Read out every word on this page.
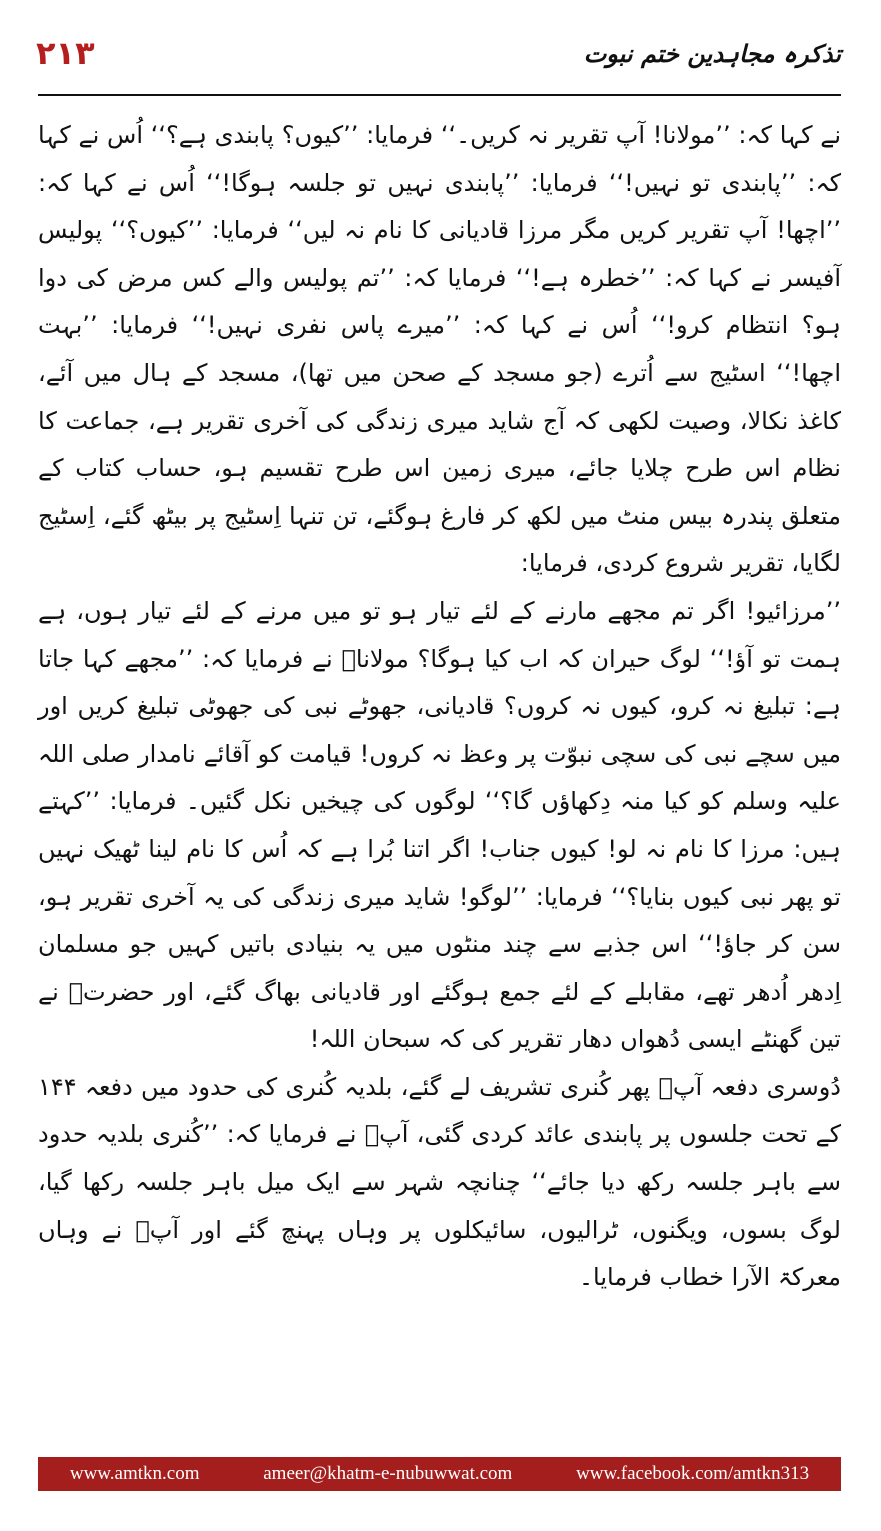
۲۱۳	تذکرہ مجاہدین ختم نبوت

نے کہا کہ: ’’مولانا! آپ تقریر نہ کریں۔‘‘ فرمایا: ’’کیوں؟ پابندی ہے؟‘‘ اُس نے کہا کہ: ’’پابندی تو نہیں!‘‘ فرمایا: ’’پابندی نہیں تو جلسہ ہوگا!‘‘ اُس نے کہا کہ: ’’اچھا! آپ تقریر کریں مگر مرزا قادیانی کا نام نہ لیں‘‘ فرمایا: ’’کیوں؟‘‘ پولیس آفیسر نے کہا کہ: ’’خطرہ ہے!‘‘ فرمایا کہ: ’’تم پولیس والے کس مرض کی دوا ہو؟ انتظام کرو!‘‘ اُس نے کہا کہ: ’’میرے پاس نفری نہیں!‘‘ فرمایا: ’’بہت اچھا!‘‘ اسٹیج سے اُترے (جو مسجد کے صحن میں تھا)، مسجد کے ہال میں آئے، کاغذ نکالا، وصیت لکھی کہ آج شاید میری زندگی کی آخری تقریر ہے، جماعت کا نظام اس طرح چلایا جائے، میری زمین اس طرح تقسیم ہو، حساب کتاب کے متعلق پندرہ بیس منٹ میں لکھ کر فارغ ہوگئے، تن تنہا اِسٹیج پر بیٹھ گئے، اِسٹیج لگایا، تقریر شروع کردی، فرمایا:

’’مرزائیو! اگر تم مجھے مارنے کے لئے تیار ہو تو میں مرنے کے لئے تیار ہوں، ہے ہمت تو آؤ!‘‘ لوگ حیران کہ اب کیا ہوگا؟ مولاناؒ نے فرمایا کہ: ’’مجھے کہا جاتا ہے: تبلیغ نہ کرو، کیوں نہ کروں؟ قادیانی، جھوٹے نبی کی جھوٹی تبلیغ کریں اور میں سچے نبی کی سچی نبوّت پر وعظ نہ کروں! قیامت کو آقائے نامدار صلی اللہ علیہ وسلم کو کیا منہ دِکھاؤں گا؟‘‘ لوگوں کی چیخیں نکل گئیں۔ فرمایا: ’’کہتے ہیں: مرزا کا نام نہ لو! کیوں جناب! اگر اتنا بُرا ہے کہ اُس کا نام لینا ٹھیک نہیں تو پھر نبی کیوں بنایا؟‘‘ فرمایا: ’’لوگو! شاید میری زندگی کی یہ آخری تقریر ہو، سن کر جاؤ!‘‘ اس جذبے سے چند منٹوں میں یہ بنیادی باتیں کہیں جو مسلمان اِدھر اُدھر تھے، مقابلے کے لئے جمع ہوگئے اور قادیانی بھاگ گئے، اور حضرتؒ نے تین گھنٹے ایسی دُھواں دھار تقریر کی کہ سبحان اللہ!

دُوسری دفعہ آپؒ پھر کُنری تشریف لے گئے، بلدیہ کُنری کی حدود میں دفعہ ۱۴۴ کے تحت جلسوں پر پابندی عائد کردی گئی، آپؒ نے فرمایا کہ: ’’کُنری بلدیہ حدود سے باہر جلسہ رکھ دیا جائے‘‘ چنانچہ شہر سے ایک میل باہر جلسہ رکھا گیا، لوگ بسوں، ویگنوں، ٹرالیوں، سائیکلوں پر وہاں پہنچ گئے اور آپؒ نے وہاں معرکۃ الآرا خطاب فرمایا۔

www.amtkn.com	ameer@khatm-e-nubuwwat.com	www.facebook.com/amtkn313
